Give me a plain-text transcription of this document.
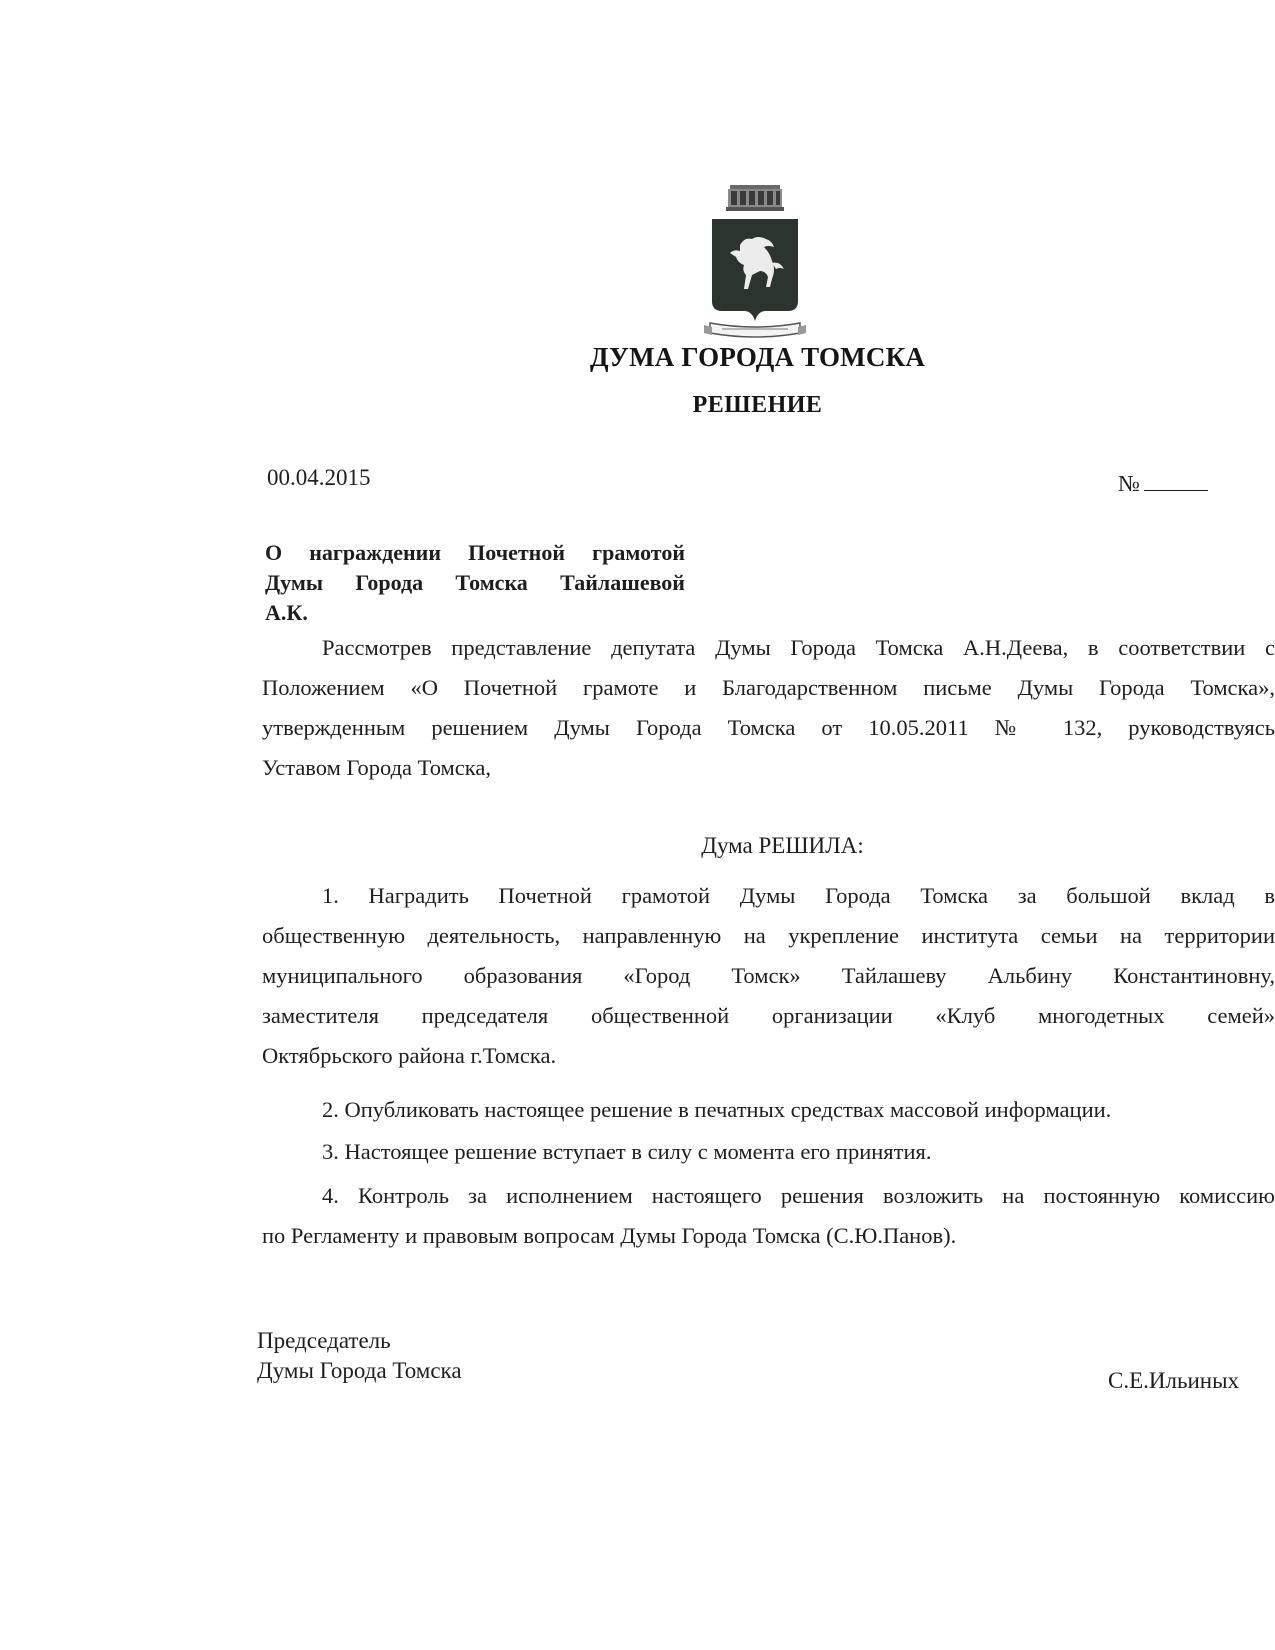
ДУМА ГОРОДА ТОМСКА
РЕШЕНИЕ
00.04.2015	№
О награждении Почетной грамотой
Думы Города Томска Тайлашевой
А.К.
Рассмотрев представление депутата Думы Города Томска А.Н.Деева, в соответствии с
Положением «О Почетной грамоте и Благодарственном письме Думы Города Томска»,
утвержденным решением Думы Города Томска от 10.05.2011 № 132, руководствуясь
Уставом Города Томска,
Дума РЕШИЛА:
1. Наградить Почетной грамотой Думы Города Томска за большой вклад в
общественную деятельность, направленную на укрепление института семьи на территории
муниципального образования «Город Томск» Тайлашеву Альбину Константиновну,
заместителя председателя общественной организации «Клуб многодетных семей»
Октябрьского района г.Томска.
2. Опубликовать настоящее решение в печатных средствах массовой информации.
3. Настоящее решение вступает в силу с момента его принятия.
4. Контроль за исполнением настоящего решения возложить на постоянную комиссию
по Регламенту и правовым вопросам Думы Города Томска (С.Ю.Панов).
Председатель
Думы Города Томска	С.Е.Ильиных
